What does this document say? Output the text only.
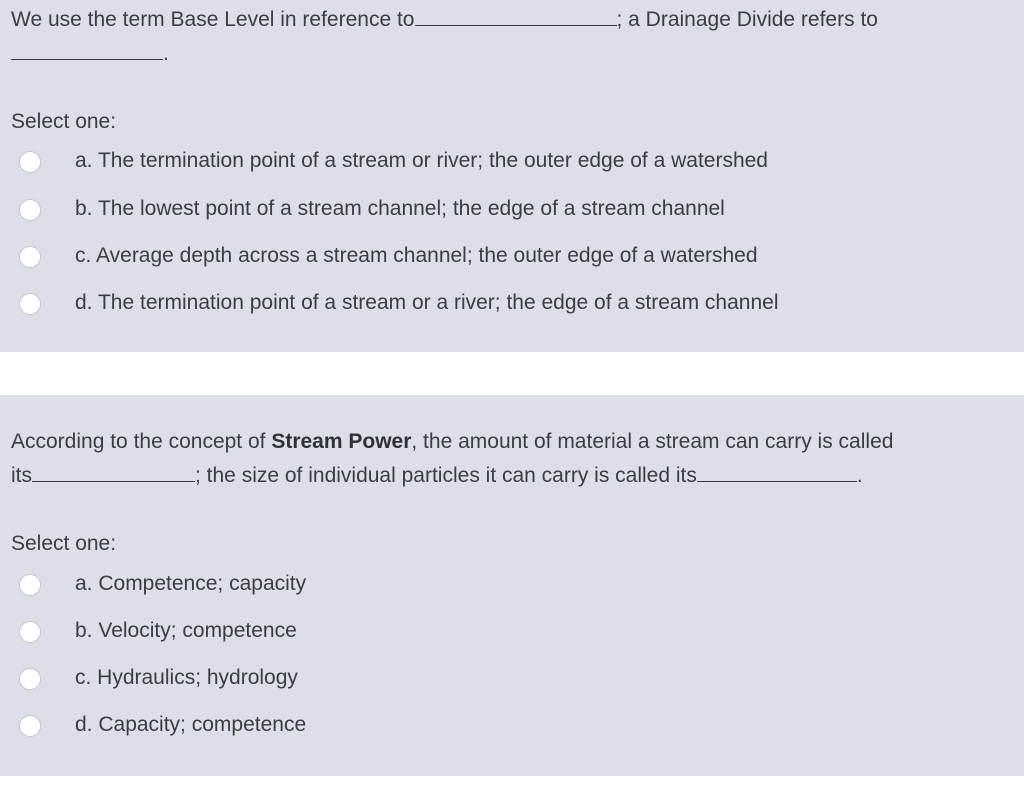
We use the term Base Level in reference to	; a Drainage Divide refers to
.
Select one:
a. The termination point of a stream or river; the outer edge of a watershed
b. The lowest point of a stream channel; the edge of a stream channel
c. Average depth across a stream channel; the outer edge of a watershed
d. The termination point of a stream or a river; the edge of a stream channel
According to the concept of Stream Power, the amount of material a stream can carry is called
its	; the size of individual particles it can carry is called its	.
Select one:
a. Competence; capacity
b. Velocity; competence
c. Hydraulics; hydrology
d. Capacity; competence
